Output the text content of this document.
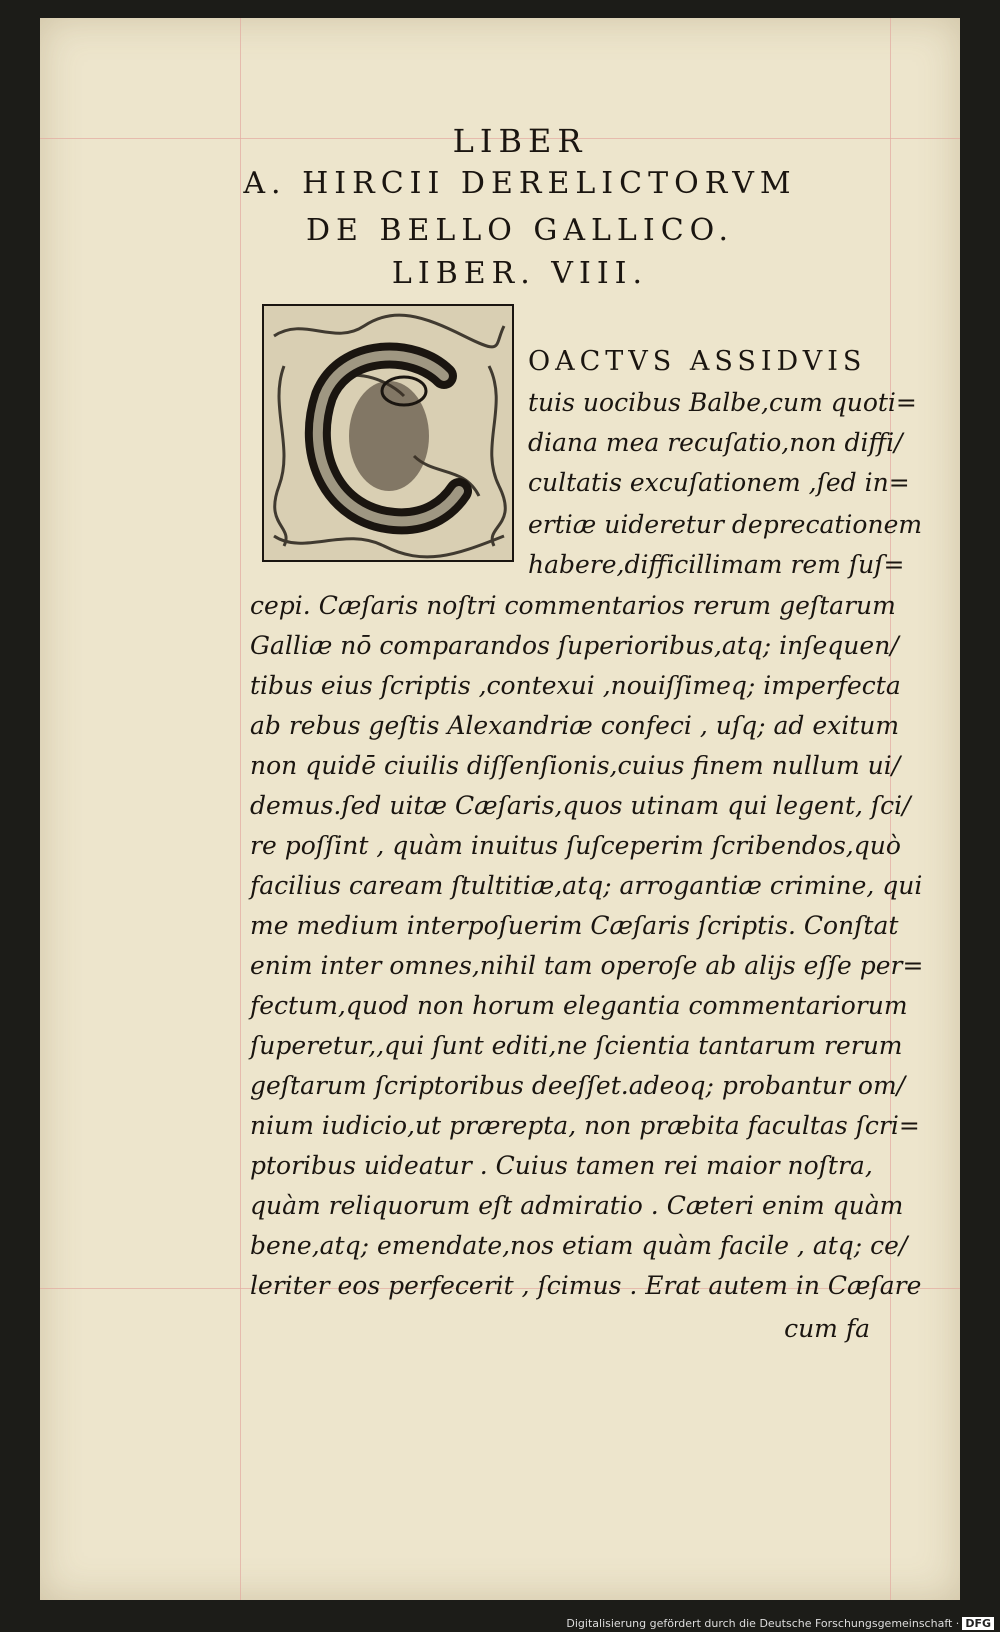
LIBER
A. HIRCII DERELICTORVM
DE BELLO GALLICO.
LIBER. VIII.
OACTVS ASSIDVIS
tuis uocibus Balbe,cum quoti=
diana mea recuſatio,non diffi/
cultatis excuſationem ,ſed in=
ertiæ uideretur deprecationem
habere,difficillimam rem ſuſ=
cepi. Cæſaris noſtri commentarios rerum geſtarum
Galliæ nō comparandos ſuperioribus,atq; inſequen/
tibus eius ſcriptis ,contexui ,nouiſſimeq; imperfecta
ab rebus geſtis Alexandriæ confeci , uſq; ad exitum
non quidē ciuilis diſſenſionis,cuius finem nullum ui/
demus.ſed uitæ Cæſaris,quos utinam qui legent, ſci/
re poſſint , quàm inuitus ſuſceperim ſcribendos,quò
facilius caream ſtultitiæ,atq; arrogantiæ crimine, qui
me medium interpoſuerim Cæſaris ſcriptis. Conſtat
enim inter omnes,nihil tam operoſe ab alijs eſſe per=
fectum,quod non horum elegantia commentariorum
ſuperetur,,qui ſunt editi,ne ſcientia tantarum rerum
geſtarum ſcriptoribus deeſſet.adeoq; probantur om/
nium iudicio,ut prærepta, non præbita facultas ſcri=
ptoribus uideatur . Cuius tamen rei maior noſtra,
quàm reliquorum eſt admiratio . Cæteri enim quàm
bene,atq; emendate,nos etiam quàm facile , atq; ce/
leriter eos perfecerit , ſcimus . Erat autem in Cæſare
cum fa
Digitalisierung gefördert durch die Deutsche Forschungsgemeinschaft · DFG
